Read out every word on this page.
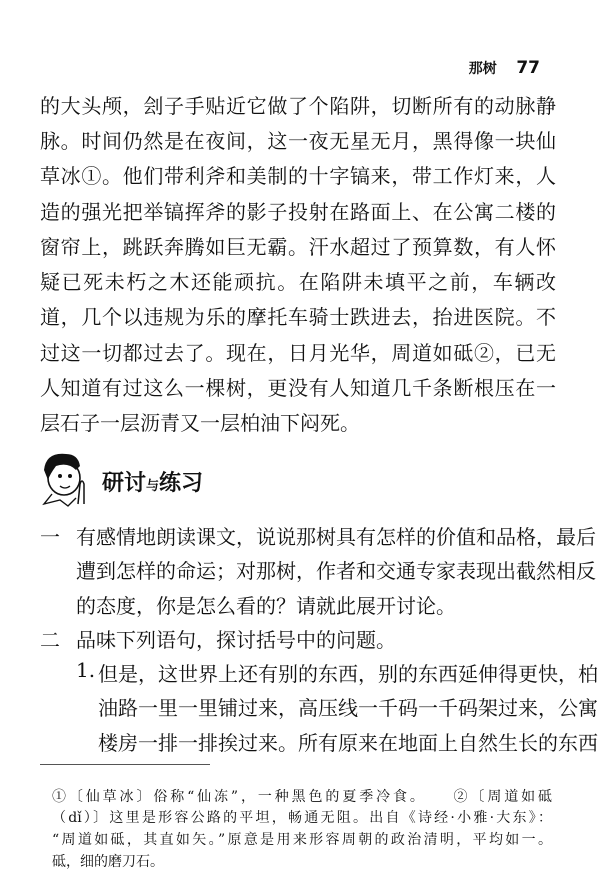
那树 77
的大头颅，刽子手贴近它做了个陷阱，切断所有的动脉静
脉。时间仍然是在夜间，这一夜无星无月，黑得像一块仙
草冰①。他们带利斧和美制的十字镐来，带工作灯来，人
造的强光把举镐挥斧的影子投射在路面上、在公寓二楼的
窗帘上，跳跃奔腾如巨无霸。汗水超过了预算数，有人怀
疑已死未朽之木还能顽抗。在陷阱未填平之前，车辆改
道，几个以违规为乐的摩托车骑士跌进去，抬进医院。不
过这一切都过去了。现在，日月光华，周道如砥②，已无
人知道有过这么一棵树，更没有人知道几千条断根压在一
层石子一层沥青又一层柏油下闷死。
研讨与练习
一 有感情地朗读课文，说说那树具有怎样的价值和品格，最后
遭到怎样的命运；对那树，作者和交通专家表现出截然相反
的态度，你是怎么看的？请就此展开讨论。
二 品味下列语句，探讨括号中的问题。
1. 但是，这世界上还有别的东西，别的东西延伸得更快，柏
油路一里一里铺过来，高压线一千码一千码架过来，公寓
楼房一排一排挨过来。所有原来在地面上自然生长的东西
①〔仙草冰〕俗称“仙冻”，一种黑色的夏季冷食。　　②〔周道如砥
（dǐ）〕这里是形容公路的平坦，畅通无阻。出自《诗经·小雅·大东》：
“周道如砥，其直如矢。”原意是用来形容周朝的政治清明，平均如一。
砥，细的磨刀石。
